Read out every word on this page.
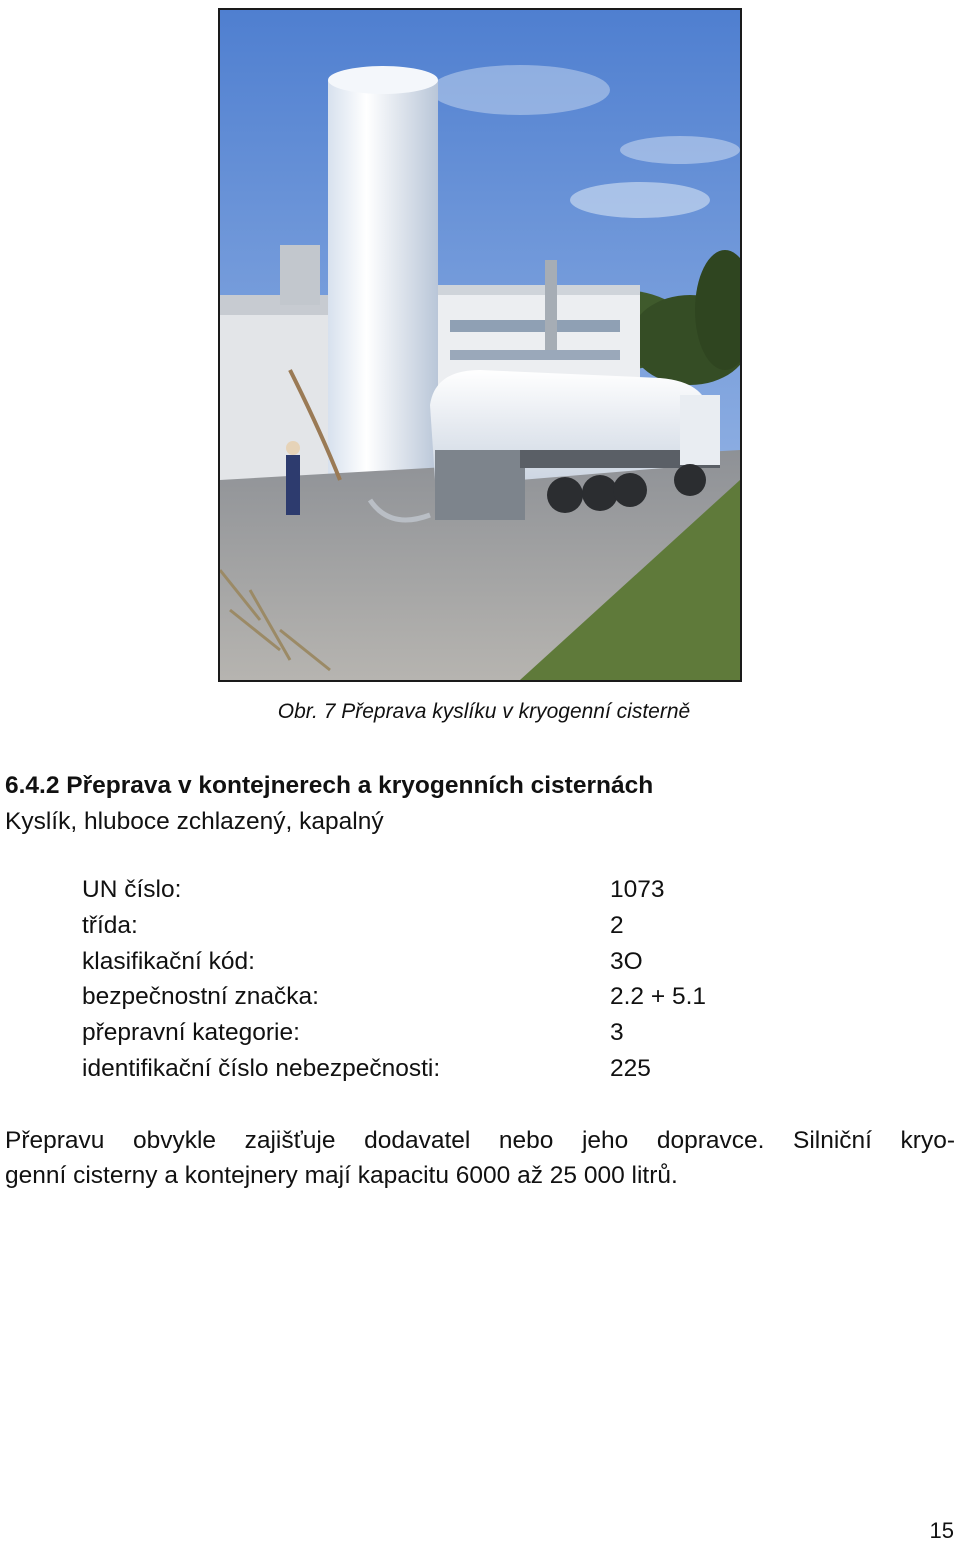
Obr. 7 Přeprava kyslíku v kryogenní cisterně
6.4.2 Přeprava v kontejnerech a kryogenních cisternách
Kyslík, hluboce zchlazený, kapalný
UN číslo:	1073
třída:	2
klasifikační kód:	3O
bezpečnostní značka:	2.2 + 5.1
přepravní kategorie:	3
identifikační číslo nebezpečnosti:	225
Přepravu obvykle zajišťuje dodavatel nebo jeho dopravce. Silniční kryo-
genní cisterny a kontejnery mají kapacitu 6000 až 25 000 litrů.
15
